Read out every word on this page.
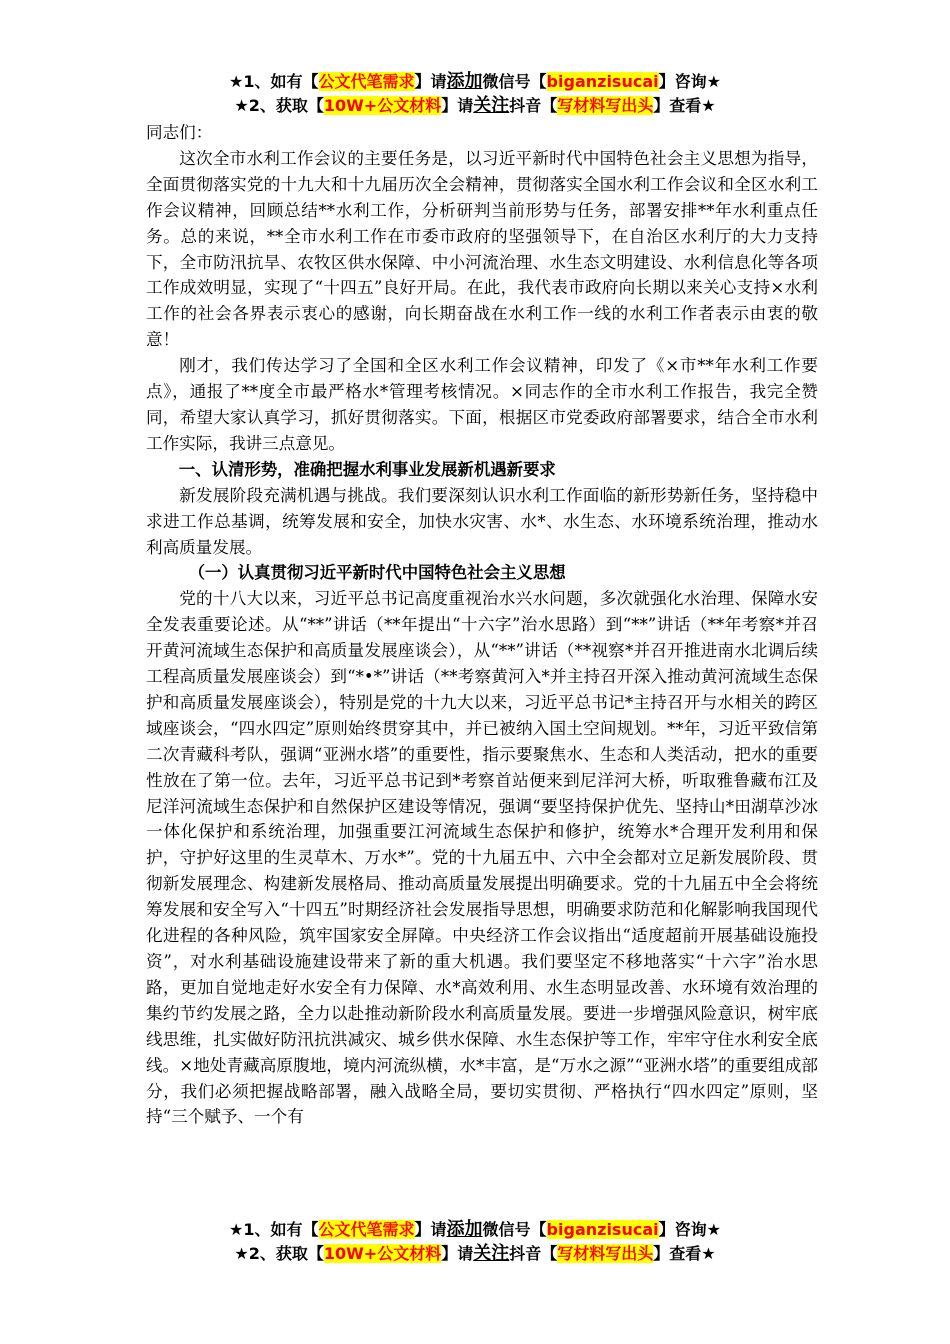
★1、如有【公文代笔需求】请添加微信号【biganzisucai】咨询★
★2、获取【10W+公文材料】请关注抖音【写材料写出头】查看★

同志们：

这次全市水利工作会议的主要任务是，以习近平新时代中国特色社会主义思想为指导，全面贯彻落实党的十九大和十九届历次全会精神，贯彻落实全国水利工作会议和全区水利工作会议精神，回顾总结**水利工作，分析研判当前形势与任务，部署安排**年水利重点任务。总的来说，**全市水利工作在市委市政府的坚强领导下，在自治区水利厅的大力支持下，全市防汛抗旱、农牧区供水保障、中小河流治理、水生态文明建设、水利信息化等各项工作成效明显，实现了“十四五”良好开局。在此，我代表市政府向长期以来关心支持×水利工作的社会各界表示衷心的感谢，向长期奋战在水利工作一线的水利工作者表示由衷的敬意！

刚才，我们传达学习了全国和全区水利工作会议精神，印发了《×市**年水利工作要点》，通报了**度全市最严格水*管理考核情况。×同志作的全市水利工作报告，我完全赞同，希望大家认真学习，抓好贯彻落实。下面，根据区市党委政府部署要求，结合全市水利工作实际，我讲三点意见。

一、认清形势，准确把握水利事业发展新机遇新要求

新发展阶段充满机遇与挑战。我们要深刻认识水利工作面临的新形势新任务，坚持稳中求进工作总基调，统筹发展和安全，加快水灾害、水*、水生态、水环境系统治理，推动水利高质量发展。

（一）认真贯彻习近平新时代中国特色社会主义思想

党的十八大以来，习近平总书记高度重视治水兴水问题，多次就强化水治理、保障水安全发表重要论述。从“**”讲话（**年提出“十六字”治水思路）到“**”讲话（**年考察*并召开黄河流域生态保护和高质量发展座谈会），从“**”讲话（**视察*并召开推进南水北调后续工程高质量发展座谈会）到“*•*”讲话（**考察黄河入*并主持召开深入推动黄河流域生态保护和高质量发展座谈会），特别是党的十九大以来，习近平总书记*主持召开与水相关的跨区域座谈会，“四水四定”原则始终贯穿其中，并已被纳入国土空间规划。**年，习近平致信第二次青藏科考队，强调“亚洲水塔”的重要性，指示要聚焦水、生态和人类活动，把水的重要性放在了第一位。去年，习近平总书记到*考察首站便来到尼洋河大桥，听取雅鲁藏布江及尼洋河流域生态保护和自然保护区建设等情况，强调“要坚持保护优先、坚持山*田湖草沙冰一体化保护和系统治理，加强重要江河流域生态保护和修护，统筹水*合理开发利用和保护，守护好这里的生灵草木、万水*”。党的十九届五中、六中全会都对立足新发展阶段、贯彻新发展理念、构建新发展格局、推动高质量发展提出明确要求。党的十九届五中全会将统筹发展和安全写入“十四五”时期经济社会发展指导思想，明确要求防范和化解影响我国现代化进程的各种风险，筑牢国家安全屏障。中央经济工作会议指出“适度超前开展基础设施投资”，对水利基础设施建设带来了新的重大机遇。我们要坚定不移地落实“十六字”治水思路，更加自觉地走好水安全有力保障、水*高效利用、水生态明显改善、水环境有效治理的集约节约发展之路，全力以赴推动新阶段水利高质量发展。要进一步增强风险意识，树牢底线思维，扎实做好防汛抗洪减灾、城乡供水保障、水生态保护等工作，牢牢守住水利安全底线。×地处青藏高原腹地，境内河流纵横，水*丰富，是“万水之源”“亚洲水塔”的重要组成部分，我们必须把握战略部署，融入战略全局，要切实贯彻、严格执行“四水四定”原则，坚持“三个赋予、一个有

★1、如有【公文代笔需求】请添加微信号【biganzisucai】咨询★
★2、获取【10W+公文材料】请关注抖音【写材料写出头】查看★
